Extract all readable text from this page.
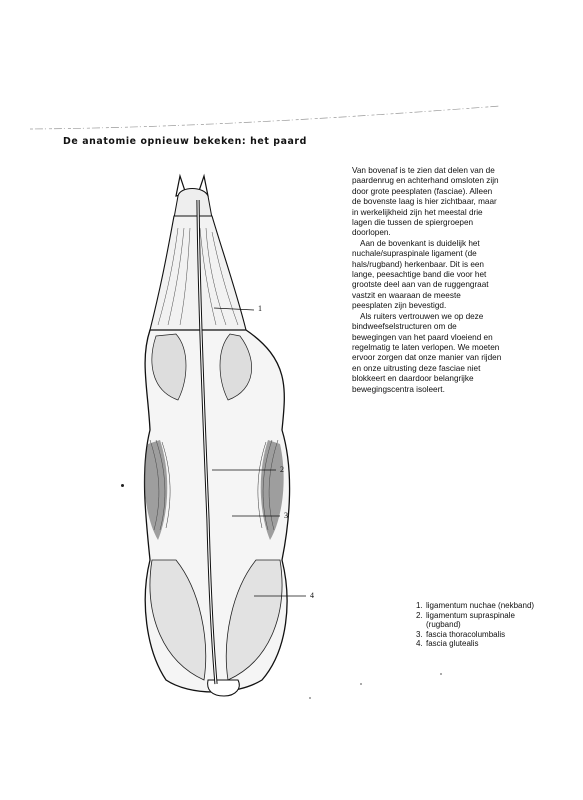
De anatomie opnieuw bekeken: het paard

Van bovenaf is te zien dat delen van de paardenrug en achterhand omsloten zijn door grote peesplaten (fasciae). Alleen de bovenste laag is hier zichtbaar, maar in werkelijkheid zijn het meestal drie lagen die tussen de spiergroepen doorlopen.

Aan de bovenkant is duidelijk het nuchale/supraspinale ligament (de hals/rugband) herkenbaar. Dit is een lange, peesachtige band die voor het grootste deel aan van de ruggengraat vastzit en waaraan de meeste peesplaten zijn bevestigd.

Als ruiters vertrouwen we op deze bindweefselstructuren om de bewegingen van het paard vloeiend en regelmatig te laten verlopen. We moeten ervoor zorgen dat onze manier van rijden en onze uitrusting deze fasciae niet blokkeert en daardoor belangrijke bewegingscentra isoleert.

1
2
3
4
1. ligamentum nuchae (nekband)
2. ligamentum supraspinale (rugband)
3. fascia thoracolumbalis
4. fascia glutealis
